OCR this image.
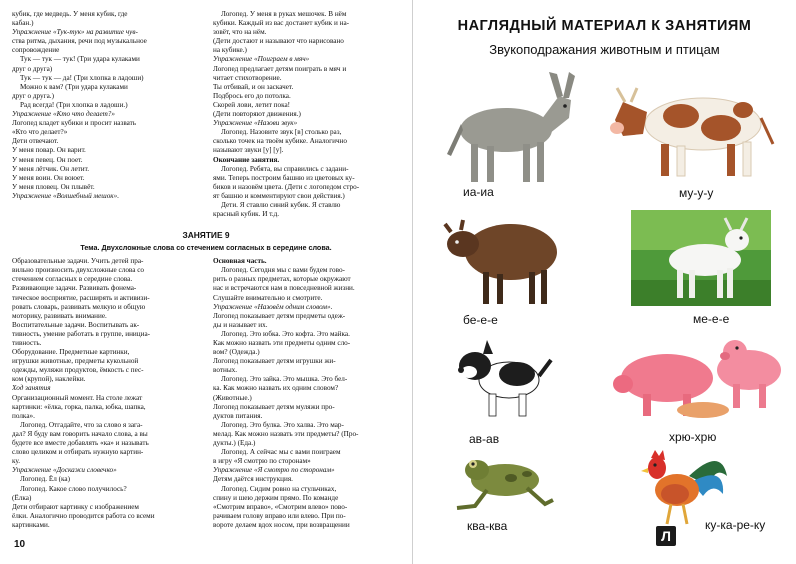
кубик, где медведь. У меня кубик, где
кабан.)
Упражнение «Тук-тук» на развитие чув-
ства ритма, дыхания, речи под музыкальное
сопровождение
Тук — тук — тук! (Три удара кулаками
друг о друга)
Тук — тук — да! (Три хлопка в ладоши)
Можно к вам? (Три удара кулаками
друг о друга.)
Рад всегда! (Три хлопка в ладоши.)
Упражнение «Кто что делает?»
Логопед кладет кубики и просит назвать
«Кто что делает?»
Дети отвечают.
У меня повар. Он варит.
У меня певец. Он поет.
У меня лётчик. Он летит.
У меня воин. Он воюет.
У меня пловец. Он плывёт.
Упражнение «Волшебный мешок».
Логопед. У меня в руках мешочек. В нём
кубики. Каждый из вас достанет кубик и на-
зовёт, что на нём.
(Дети достают и называют что нарисовано
на кубике.)
Упражнение «Поиграем в мяч»
Логопед предлагает детям поиграть в мяч и
читает стихотворение.
Ты отбивай, и он заскачет.
Подбрось его до потолка.
Скорей лови, летит пока!
(Дети повторяют движения.)
Упражнение «Назови звук»
Логопед. Назовите звук [в] столько раз,
сколько точек на твоём кубике. Аналогично
называют звуки [у] [у].
Окончание занятия.
Логопед. Ребята, вы справились с задани-
ями. Теперь построим башню из цветовых ку-
биков и назовём цвета. (Дети с логопедом стро-
ят башню и комментируют свои действия.)
Дети. Я ставлю синий кубик. Я ставлю
красный кубик. И т.д.
ЗАНЯТИЕ 9
Тема. Двухсложные слова со стечением согласных в середине слова.
Образовательные задачи. Учить детей пра-
вильно произносить двухсложные слова со
стечением согласных в середине слова.
Развивающие задачи. Развивать фонема-
тическое восприятие, расширять и активизи-
ровать словарь, развивать мелкую и общую
моторику, развивать внимание.
Воспитательные задачи. Воспитывать ак-
тивность, умение работать в группе, инициа-
тивность.
Оборудование. Предметные картинки,
игрушки животные, предметы кукольной
одежды, муляжи продуктов, ёмкость с пес-
ком (крупой), наклейки.
Ход занятия
Организационный момент. На столе лежат
картинки: «ёлка, горка, палка, юбка, шапка,
полка».
Логопед. Отгадайте, что за слово я зага-
дал? Я буду вам говорить начало слова, а вы
будете все вместе добавлять «ка» и называть
слово целиком и отбирать нужную картин-
ку.
Упражнение «Доскажи словечко»
Логопед. Ёл (ка)
Логопед. Какое слово получилось?
(Ёлка)
Дети отбирают картинку с изображением
ёлки. Аналогично проводится работа со всеми
картинками.
Основная часть.
Логопед. Сегодня мы с вами будем гово-
рить о разных предметах, которые окружают
нас и встречаются нам в повседневной жизни.
Слушайте внимательно и смотрите.
Упражнение «Назовём одним словом».
Логопед показывает детям предметы одеж-
ды и называет их.
Логопед. Это юбка. Это кофта. Это майка.
Как можно назвать эти предметы одним сло-
вом? (Одежда.)
Логопед показывает детям игрушки жи-
вотных.
Логопед. Это зайка. Это мышка. Это бел-
ка. Как можно назвать их одним словом?
(Животные.)
Логопед показывает детям муляжи про-
дуктов питания.
Логопед. Это булка. Это халва. Это мар-
мелад. Как можно назвать эти предметы? (Про-
дукты.) (Еда.)
Логопед. А сейчас мы с вами поиграем
в игру «Я смотрю по сторонам»
Упражнение «Я смотрю по сторонам»
Детям даётся инструкция.
Логопед. Сидим ровно на стульчиках,
спину и шею держим прямо. По команде
«Смотрим вправо», «Смотрим влево» пово-
рачиваем голову вправо или влево. При по-
вороте делаем вдох носом, при возвращении
10
НАГЛЯДНЫЙ МАТЕРИАЛ К ЗАНЯТИЯМ
Звукоподражания животным и птицам
иа-иа	му-у-у
бе-е-е	ме-е-е
ав-ав	хрю-хрю
ква-ква	ку-ка-ре-ку
Л
